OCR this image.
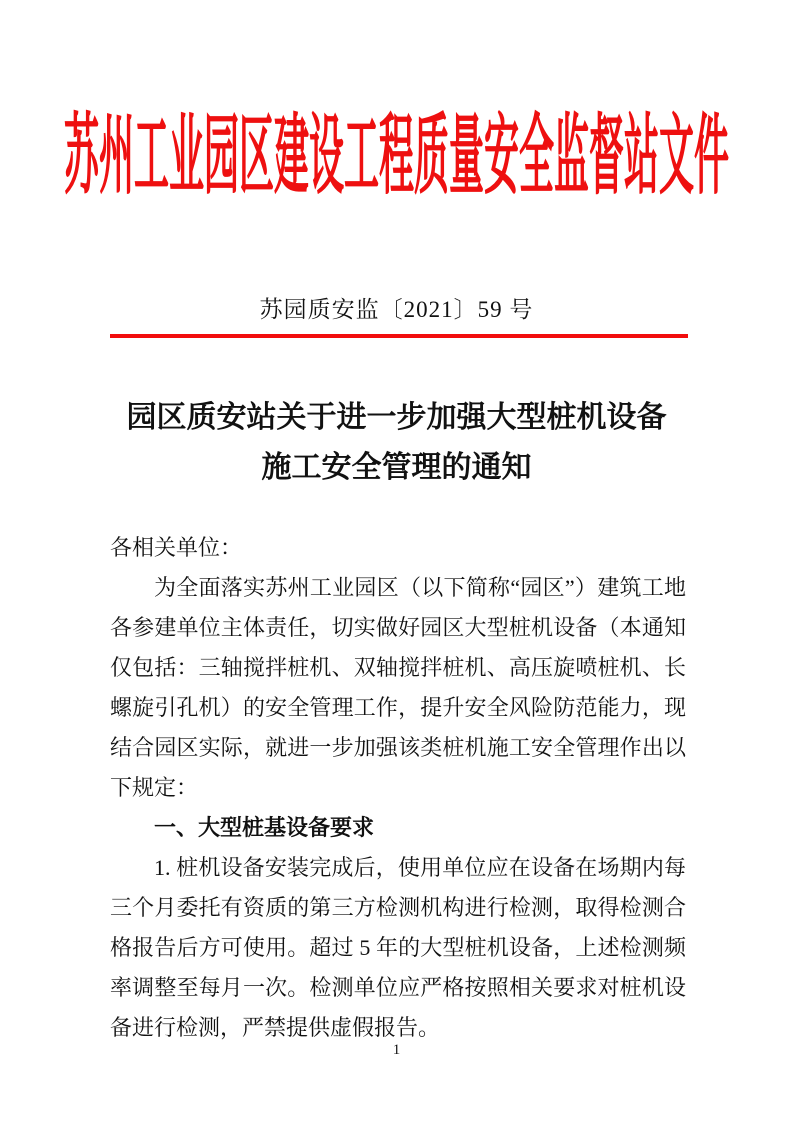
苏州工业园区建设工程质量安全监督站文件
苏园质安监〔2021〕59 号
园区质安站关于进一步加强大型桩机设备
施工安全管理的通知

各相关单位：

为全面落实苏州工业园区（以下简称“园区”）建筑工地各参建单位主体责任，切实做好园区大型桩机设备（本通知仅包括：三轴搅拌桩机、双轴搅拌桩机、高压旋喷桩机、长螺旋引孔机）的安全管理工作，提升安全风险防范能力，现结合园区实际，就进一步加强该类桩机施工安全管理作出以下规定：

一、大型桩基设备要求

1. 桩机设备安装完成后，使用单位应在设备在场期内每三个月委托有资质的第三方检测机构进行检测，取得检测合格报告后方可使用。超过 5 年的大型桩机设备，上述检测频率调整至每月一次。检测单位应严格按照相关要求对桩机设备进行检测，严禁提供虚假报告。

1
